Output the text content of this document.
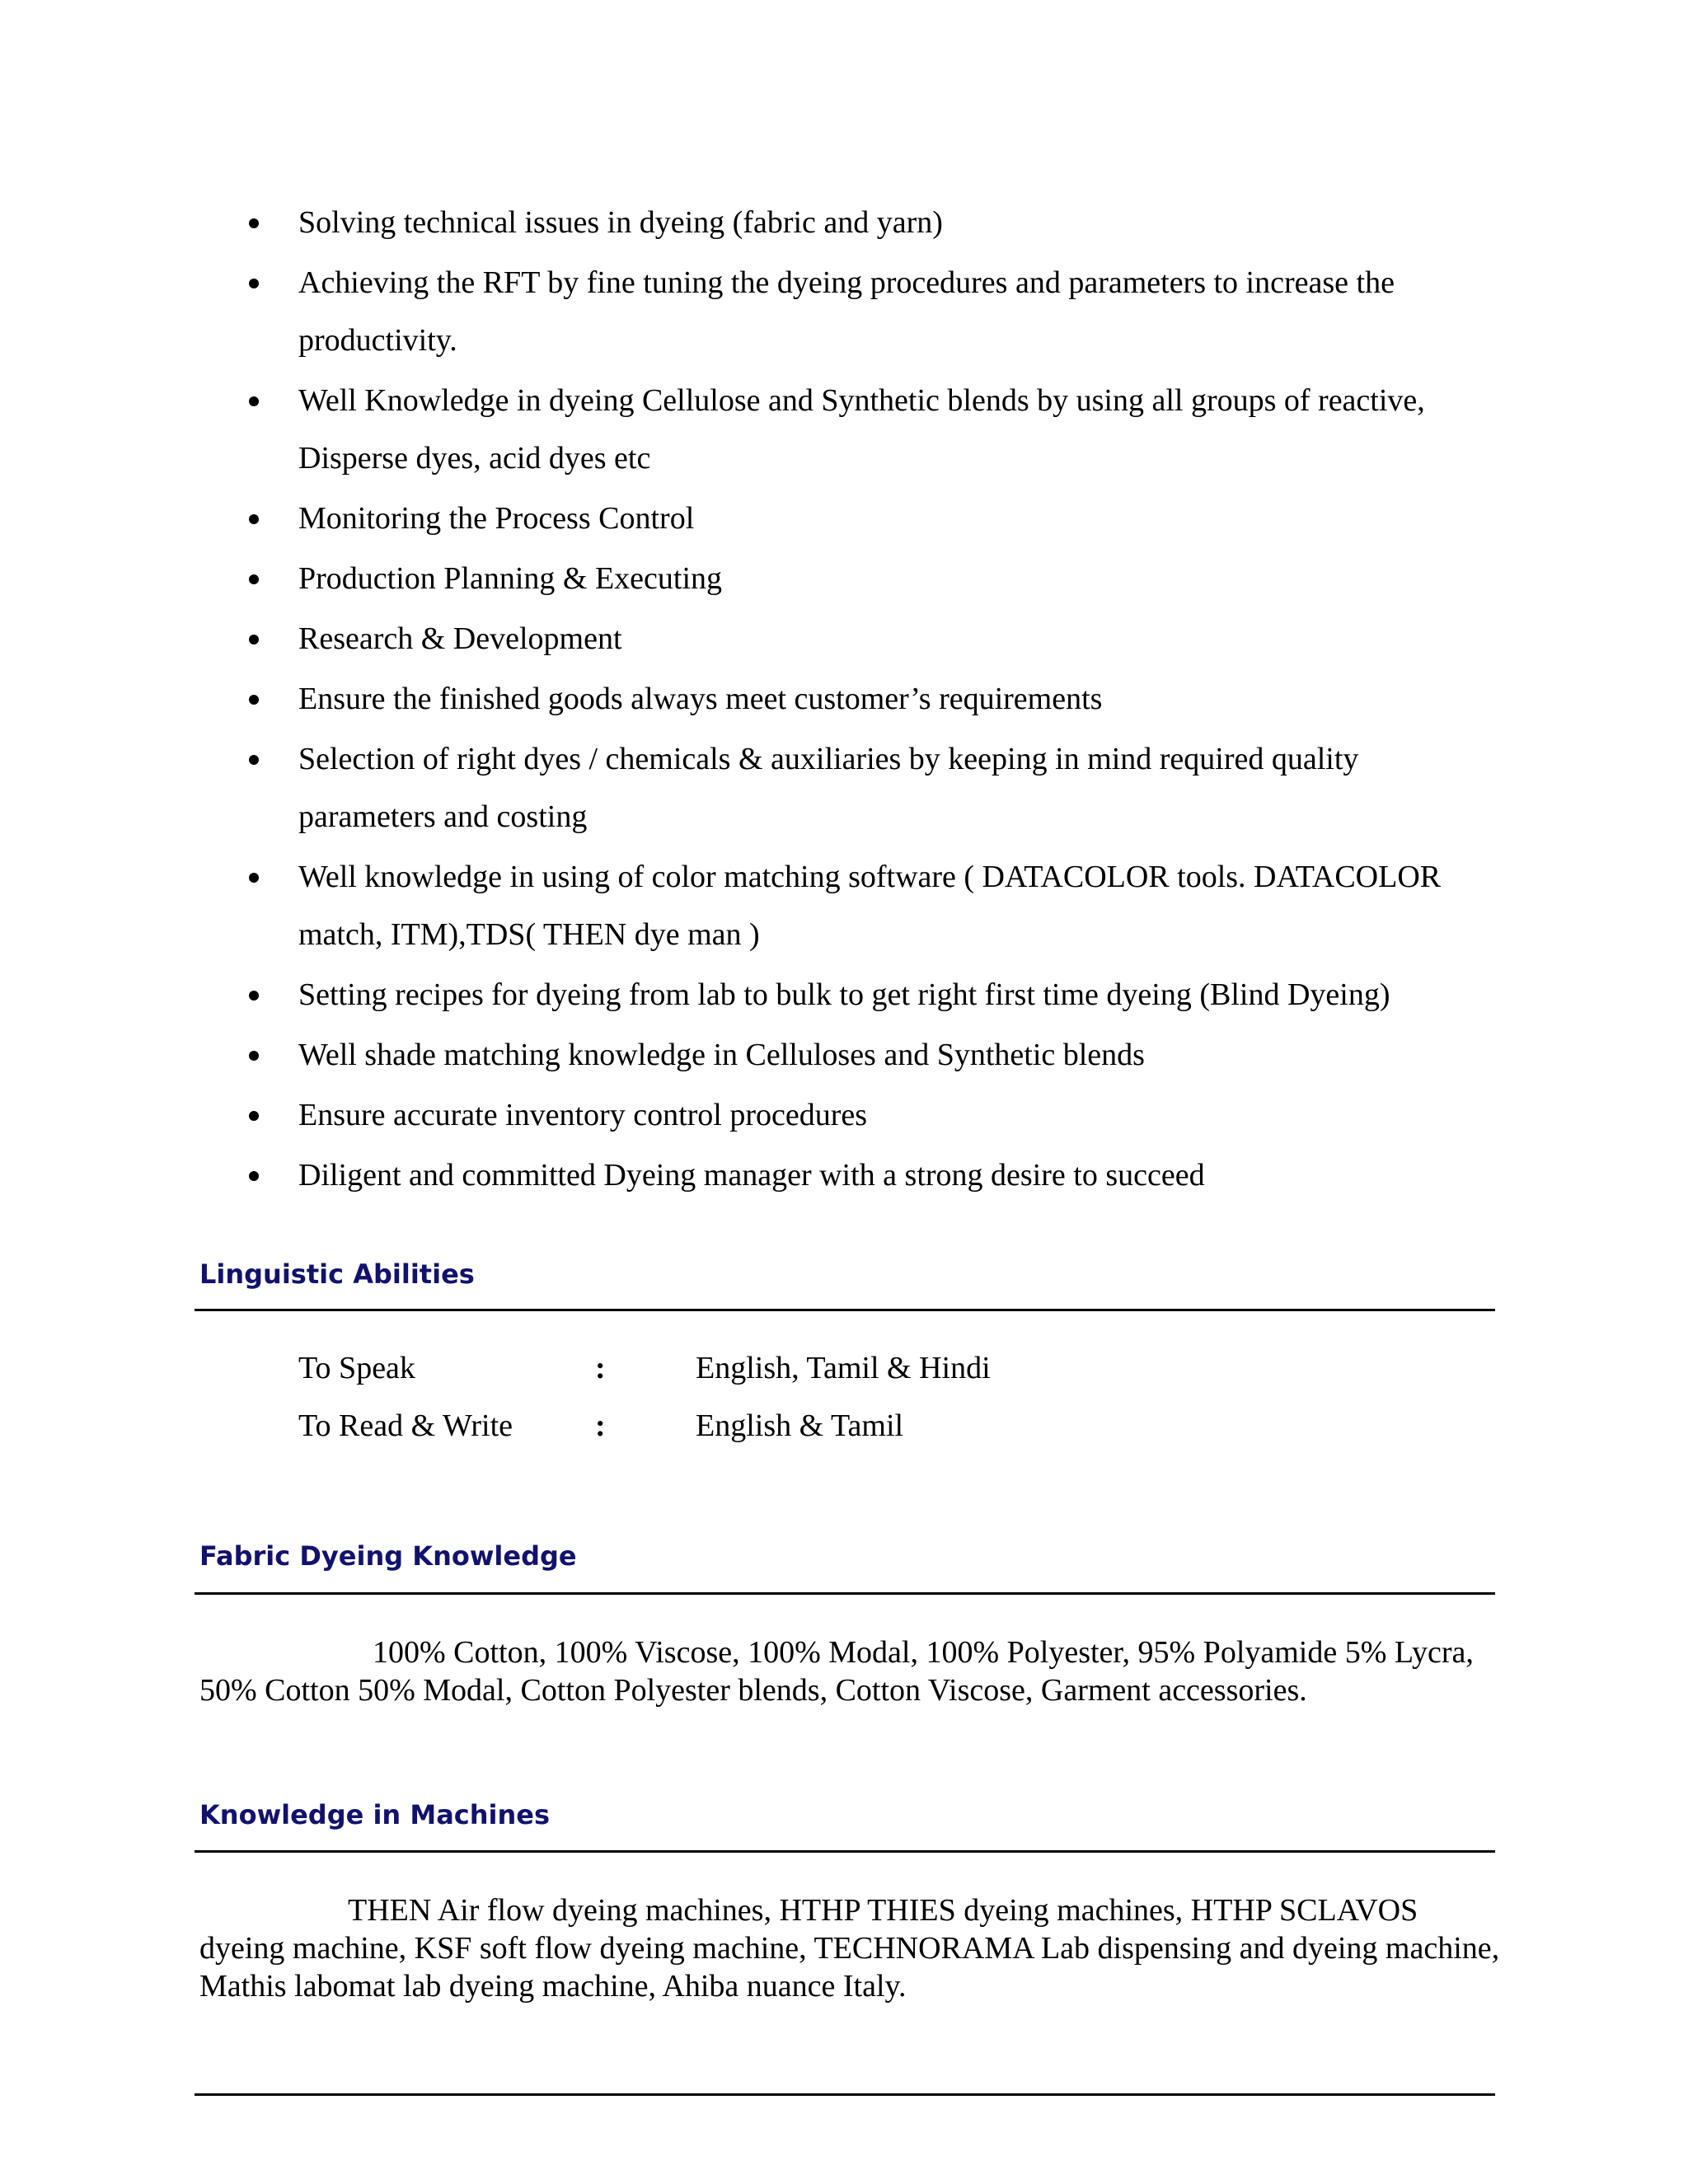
Solving technical issues in dyeing (fabric and yarn)
Achieving the RFT by fine tuning the dyeing procedures and parameters to increase the productivity.
Well Knowledge in dyeing Cellulose and Synthetic blends by using all groups of reactive, Disperse dyes, acid dyes etc
Monitoring the Process Control
Production Planning & Executing
Research & Development
Ensure the finished goods always meet customer’s requirements
Selection of right dyes / chemicals & auxiliaries by keeping in mind required quality parameters and costing
Well knowledge in using of color matching software ( DATACOLOR tools. DATACOLOR match, ITM),TDS( THEN dye man )
Setting recipes for dyeing from lab to bulk to get right first time dyeing (Blind Dyeing)
Well shade matching knowledge in Celluloses and Synthetic blends
Ensure accurate inventory control procedures
Diligent and committed Dyeing manager with a strong desire to succeed
Linguistic Abilities
To Speak	:	English, Tamil & Hindi
To Read & Write	:	English & Tamil
Fabric Dyeing Knowledge

100% Cotton, 100% Viscose, 100% Modal, 100% Polyester, 95% Polyamide 5% Lycra, 50% Cotton 50% Modal, Cotton Polyester blends, Cotton Viscose, Garment accessories.

Knowledge in Machines

THEN Air flow dyeing machines, HTHP THIES dyeing machines, HTHP SCLAVOS dyeing machine, KSF soft flow dyeing machine, TECHNORAMA Lab dispensing and dyeing machine, Mathis labomat lab dyeing machine, Ahiba nuance Italy.
